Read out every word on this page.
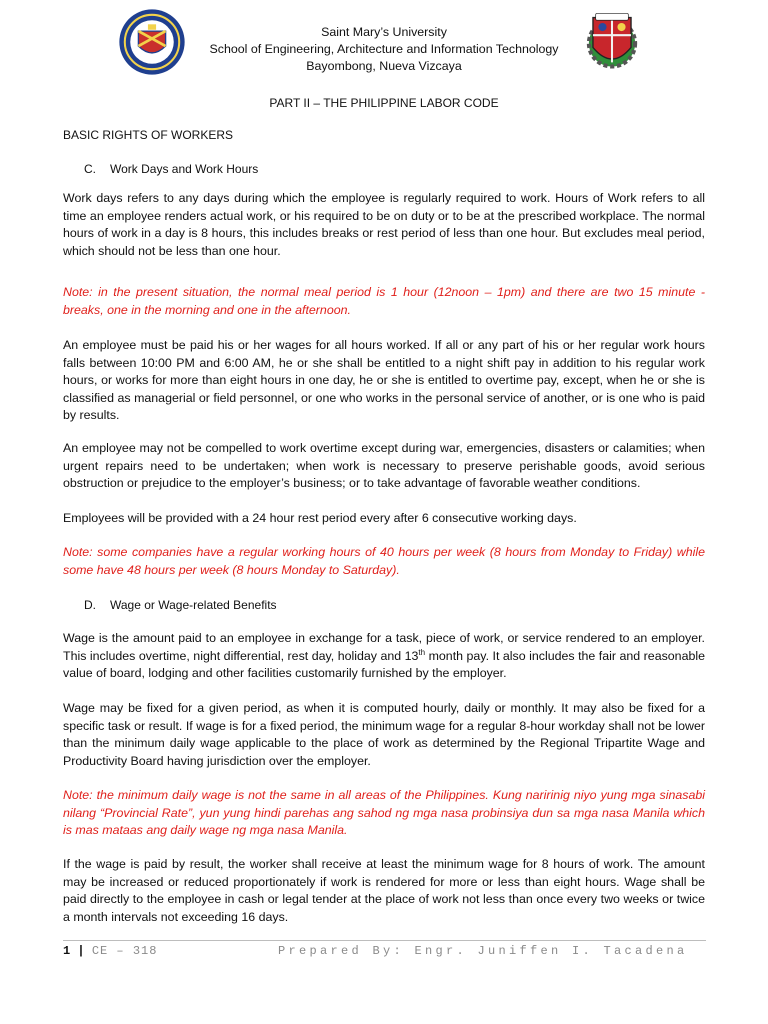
Saint Mary’s University
School of Engineering, Architecture and Information Technology
Bayombong, Nueva Vizcaya
PART II – THE PHILIPPINE LABOR CODE
BASIC RIGHTS OF WORKERS
C. Work Days and Work Hours

Work days refers to any days during which the employee is regularly required to work. Hours of Work refers to all time an employee renders actual work, or his required to be on duty or to be at the prescribed workplace. The normal hours of work in a day is 8 hours, this includes breaks or rest period of less than one hour. But excludes meal period, which should not be less than one hour.

Note: in the present situation, the normal meal period is 1 hour (12noon – 1pm) and there are two 15 minute - breaks, one in the morning and one in the afternoon.

An employee must be paid his or her wages for all hours worked. If all or any part of his or her regular work hours falls between 10:00 PM and 6:00 AM, he or she shall be entitled to a night shift pay in addition to his regular work hours, or works for more than eight hours in one day, he or she is entitled to overtime pay, except, when he or she is classified as managerial or field personnel, or one who works in the personal service of another, or is one who is paid by results.

An employee may not be compelled to work overtime except during war, emergencies, disasters or calamities; when urgent repairs need to be undertaken; when work is necessary to preserve perishable goods, avoid serious obstruction or prejudice to the employer’s business; or to take advantage of favorable weather conditions.

Employees will be provided with a 24 hour rest period every after 6 consecutive working days.

Note: some companies have a regular working hours of 40 hours per week (8 hours from Monday to Friday) while some have 48 hours per week (8 hours Monday to Saturday).

D. Wage or Wage-related Benefits

Wage is the amount paid to an employee in exchange for a task, piece of work, or service rendered to an employer. This includes overtime, night differential, rest day, holiday and 13th month pay. It also includes the fair and reasonable value of board, lodging and other facilities customarily furnished by the employer.

Wage may be fixed for a given period, as when it is computed hourly, daily or monthly. It may also be fixed for a specific task or result. If wage is for a fixed period, the minimum wage for a regular 8-hour workday shall not be lower than the minimum daily wage applicable to the place of work as determined by the Regional Tripartite Wage and Productivity Board having jurisdiction over the employer.

Note: the minimum daily wage is not the same in all areas of the Philippines. Kung naririnig niyo yung mga sinasabi nilang “Provincial Rate”, yun yung hindi parehas ang sahod ng mga nasa probinsiya dun sa mga nasa Manila which is mas mataas ang daily wage ng mga nasa Manila.

If the wage is paid by result, the worker shall receive at least the minimum wage for 8 hours of work. The amount may be increased or reduced proportionately if work is rendered for more or less than eight hours. Wage shall be paid directly to the employee in cash or legal tender at the place of work not less than once every two weeks or twice a month intervals not exceeding 16 days.

1 | CE – 318	Prepared By: Engr. Juniffen I. Tacadena
